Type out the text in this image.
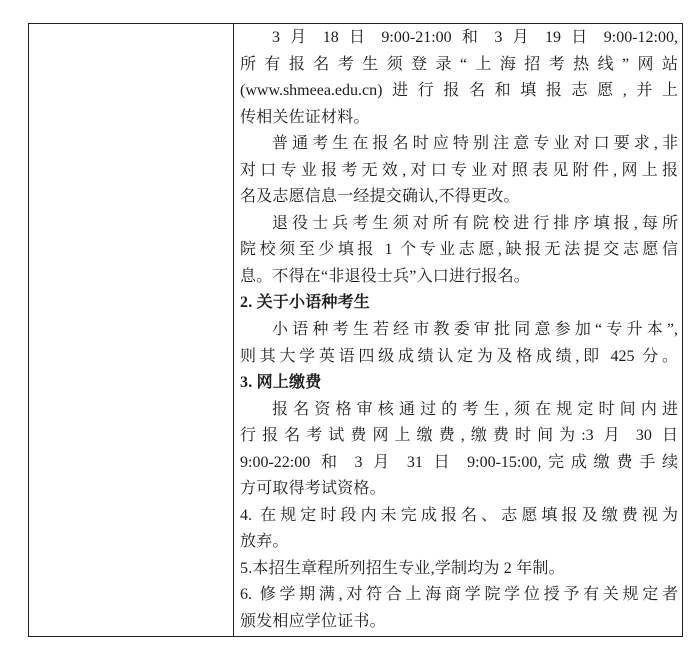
3 月 18 日 9:00-21:00 和 3 月 19 日 9:00-12:00,
所有报名考生须登录“上海招考热线”网站
(www.shmeea.edu.cn)进行报名和填报志愿,并上
传相关佐证材料。
普通考生在报名时应特别注意专业对口要求,非
对口专业报考无效,对口专业对照表见附件,网上报
名及志愿信息一经提交确认,不得更改。
退役士兵考生须对所有院校进行排序填报,每所
院校须至少填报 1 个专业志愿,缺报无法提交志愿信
息。不得在“非退役士兵”入口进行报名。
2. 关于小语种考生
小语种考生若经市教委审批同意参加“专升本”,
则其大学英语四级成绩认定为及格成绩,即 425 分。
3. 网上缴费
报名资格审核通过的考生,须在规定时间内进
行报名考试费网上缴费,缴费时间为:3 月 30 日
9:00-22:00 和 3 月 31 日 9:00-15:00,完成缴费手续
方可取得考试资格。
4. 在规定时段内未完成报名、志愿填报及缴费视为
放弃。
5.本招生章程所列招生专业,学制均为 2 年制。
6. 修学期满,对符合上海商学院学位授予有关规定者
颁发相应学位证书。
